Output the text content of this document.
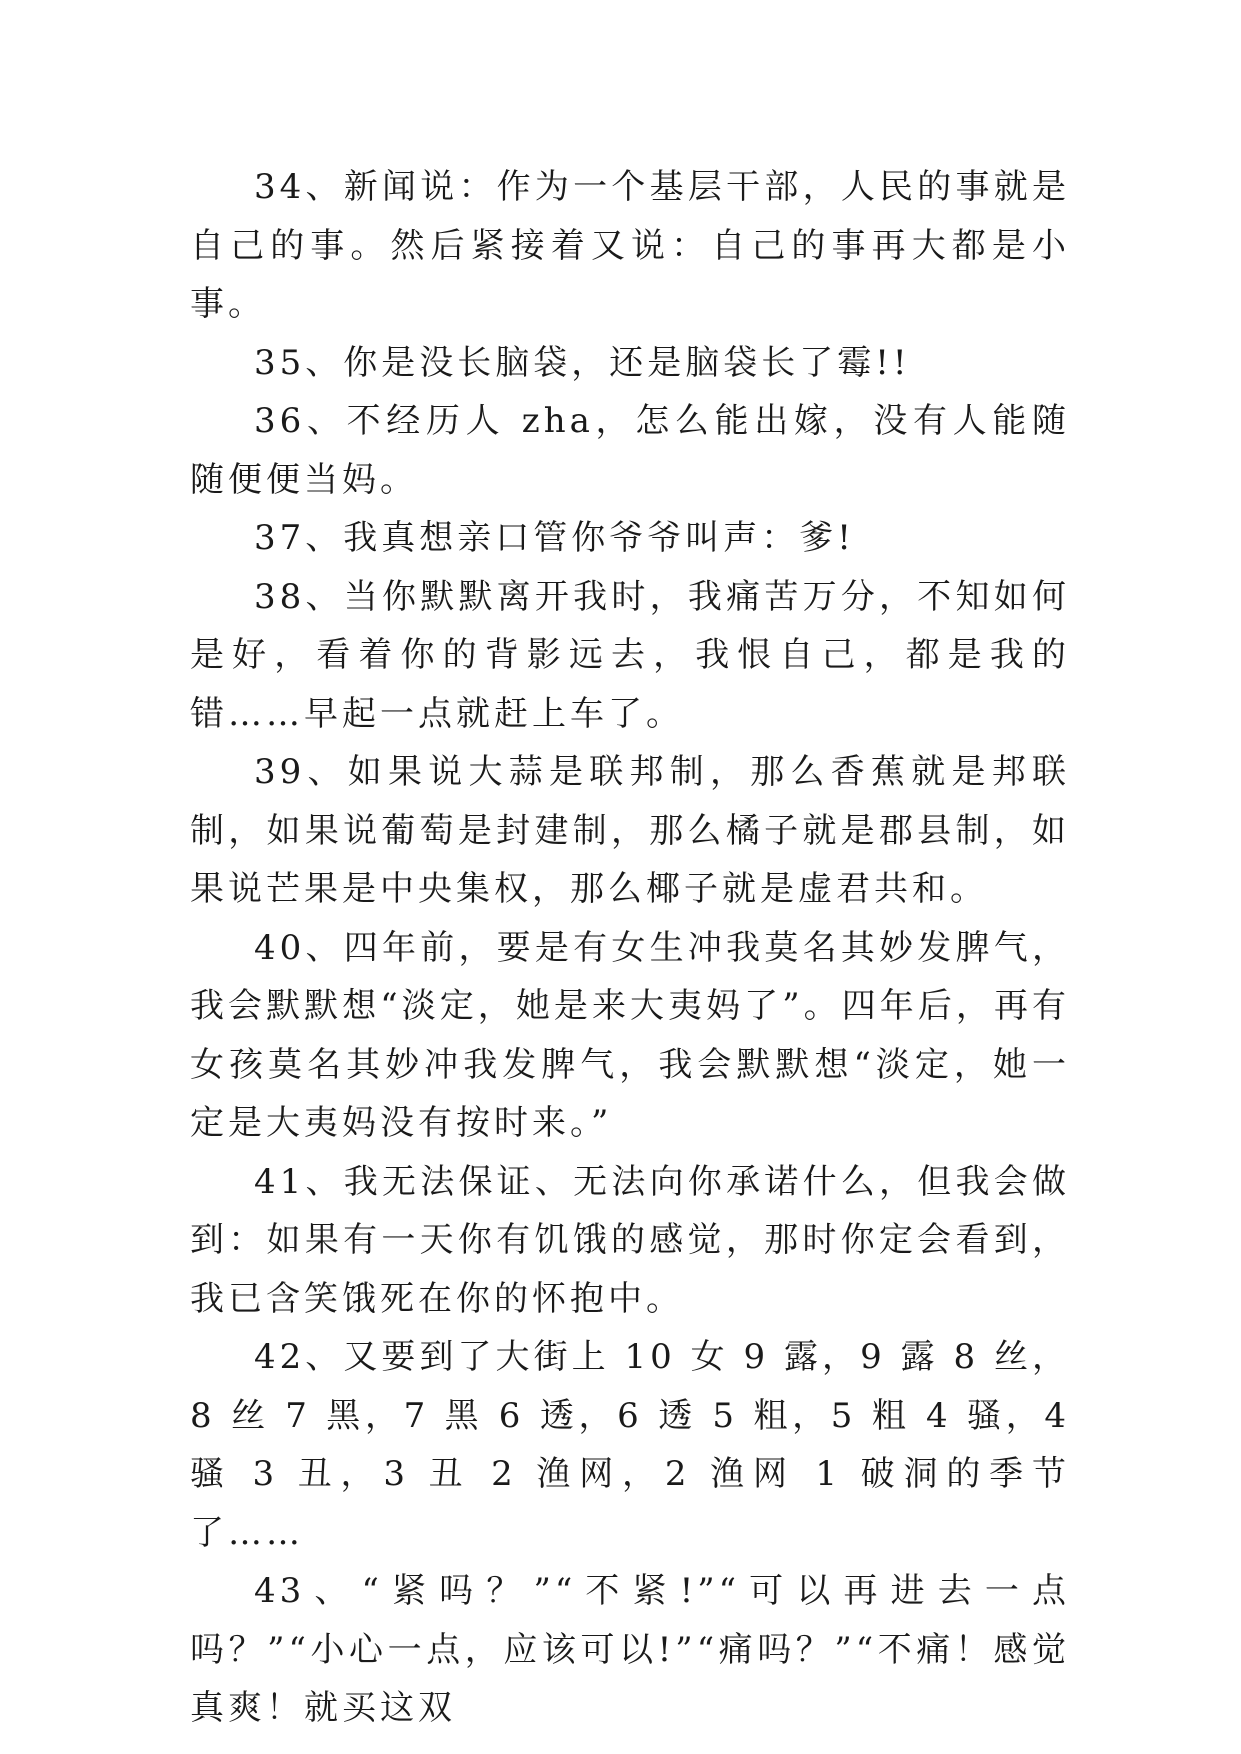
34、新闻说：作为一个基层干部，人民的事就是自己的事。然后紧接着又说：自己的事再大都是小事。

35、你是没长脑袋，还是脑袋长了霉!!

36、不经历人 zha，怎么能出嫁，没有人能随随便便当妈。

37、我真想亲口管你爷爷叫声：爹!

38、当你默默离开我时，我痛苦万分，不知如何是好，看着你的背影远去，我恨自己，都是我的错……早起一点就赶上车了。

39、如果说大蒜是联邦制，那么香蕉就是邦联制，如果说葡萄是封建制，那么橘子就是郡县制，如果说芒果是中央集权，那么椰子就是虚君共和。

40、四年前，要是有女生冲我莫名其妙发脾气，我会默默想“淡定，她是来大夷妈了”。四年后，再有女孩莫名其妙冲我发脾气，我会默默想“淡定，她一定是大夷妈没有按时来。”

41、我无法保证、无法向你承诺什么，但我会做到：如果有一天你有饥饿的感觉，那时你定会看到，我已含笑饿死在你的怀抱中。

42、又要到了大街上 10 女 9 露，9 露 8 丝，8 丝 7 黑，7 黑 6 透，6 透 5 粗，5 粗 4 骚，4 骚 3 丑，3 丑 2 渔网，2 渔网 1 破洞的季节了……

43、“紧吗？”“不紧!”“可以再进去一点吗？”“小心一点，应该可以!”“痛吗？”“不痛！感觉真爽！就买这双
